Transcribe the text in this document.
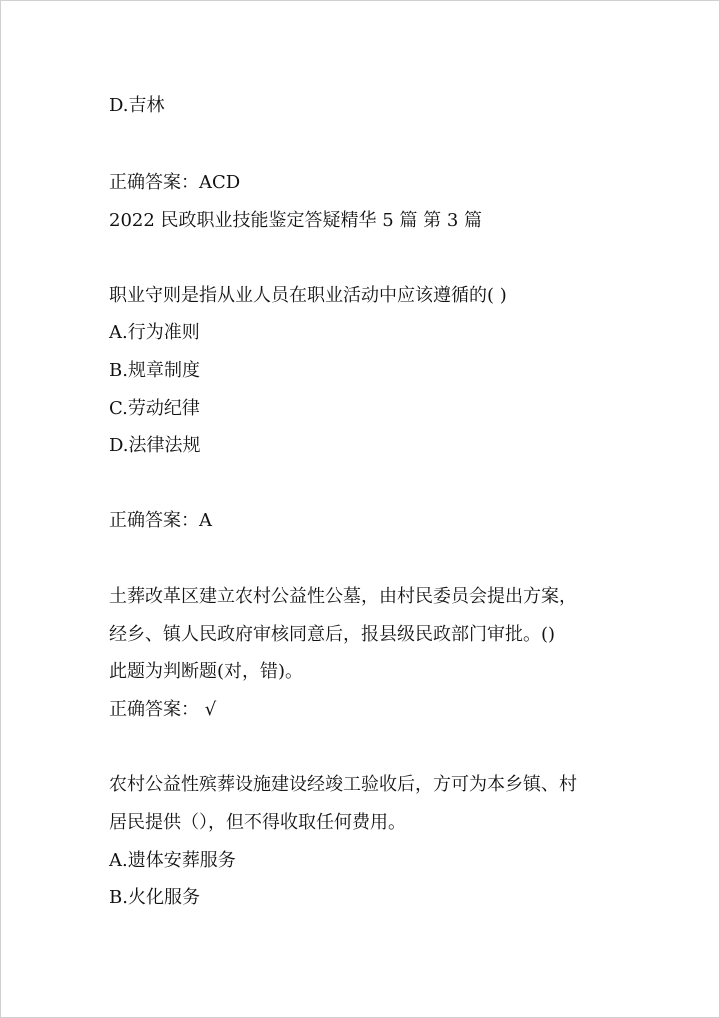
D.吉林
正确答案：ACD
2022 民政职业技能鉴定答疑精华 5 篇 第 3 篇
职业守则是指从业人员在职业活动中应该遵循的( )
A.行为准则
B.规章制度
C.劳动纪律
D.法律法规
正确答案：A
土葬改革区建立农村公益性公墓，由村民委员会提出方案，
经乡、镇人民政府审核同意后，报县级民政部门审批。()
此题为判断题(对，错)。
正确答案： √
农村公益性殡葬设施建设经竣工验收后，方可为本乡镇、村
居民提供（），但不得收取任何费用。
A.遗体安葬服务
B.火化服务
